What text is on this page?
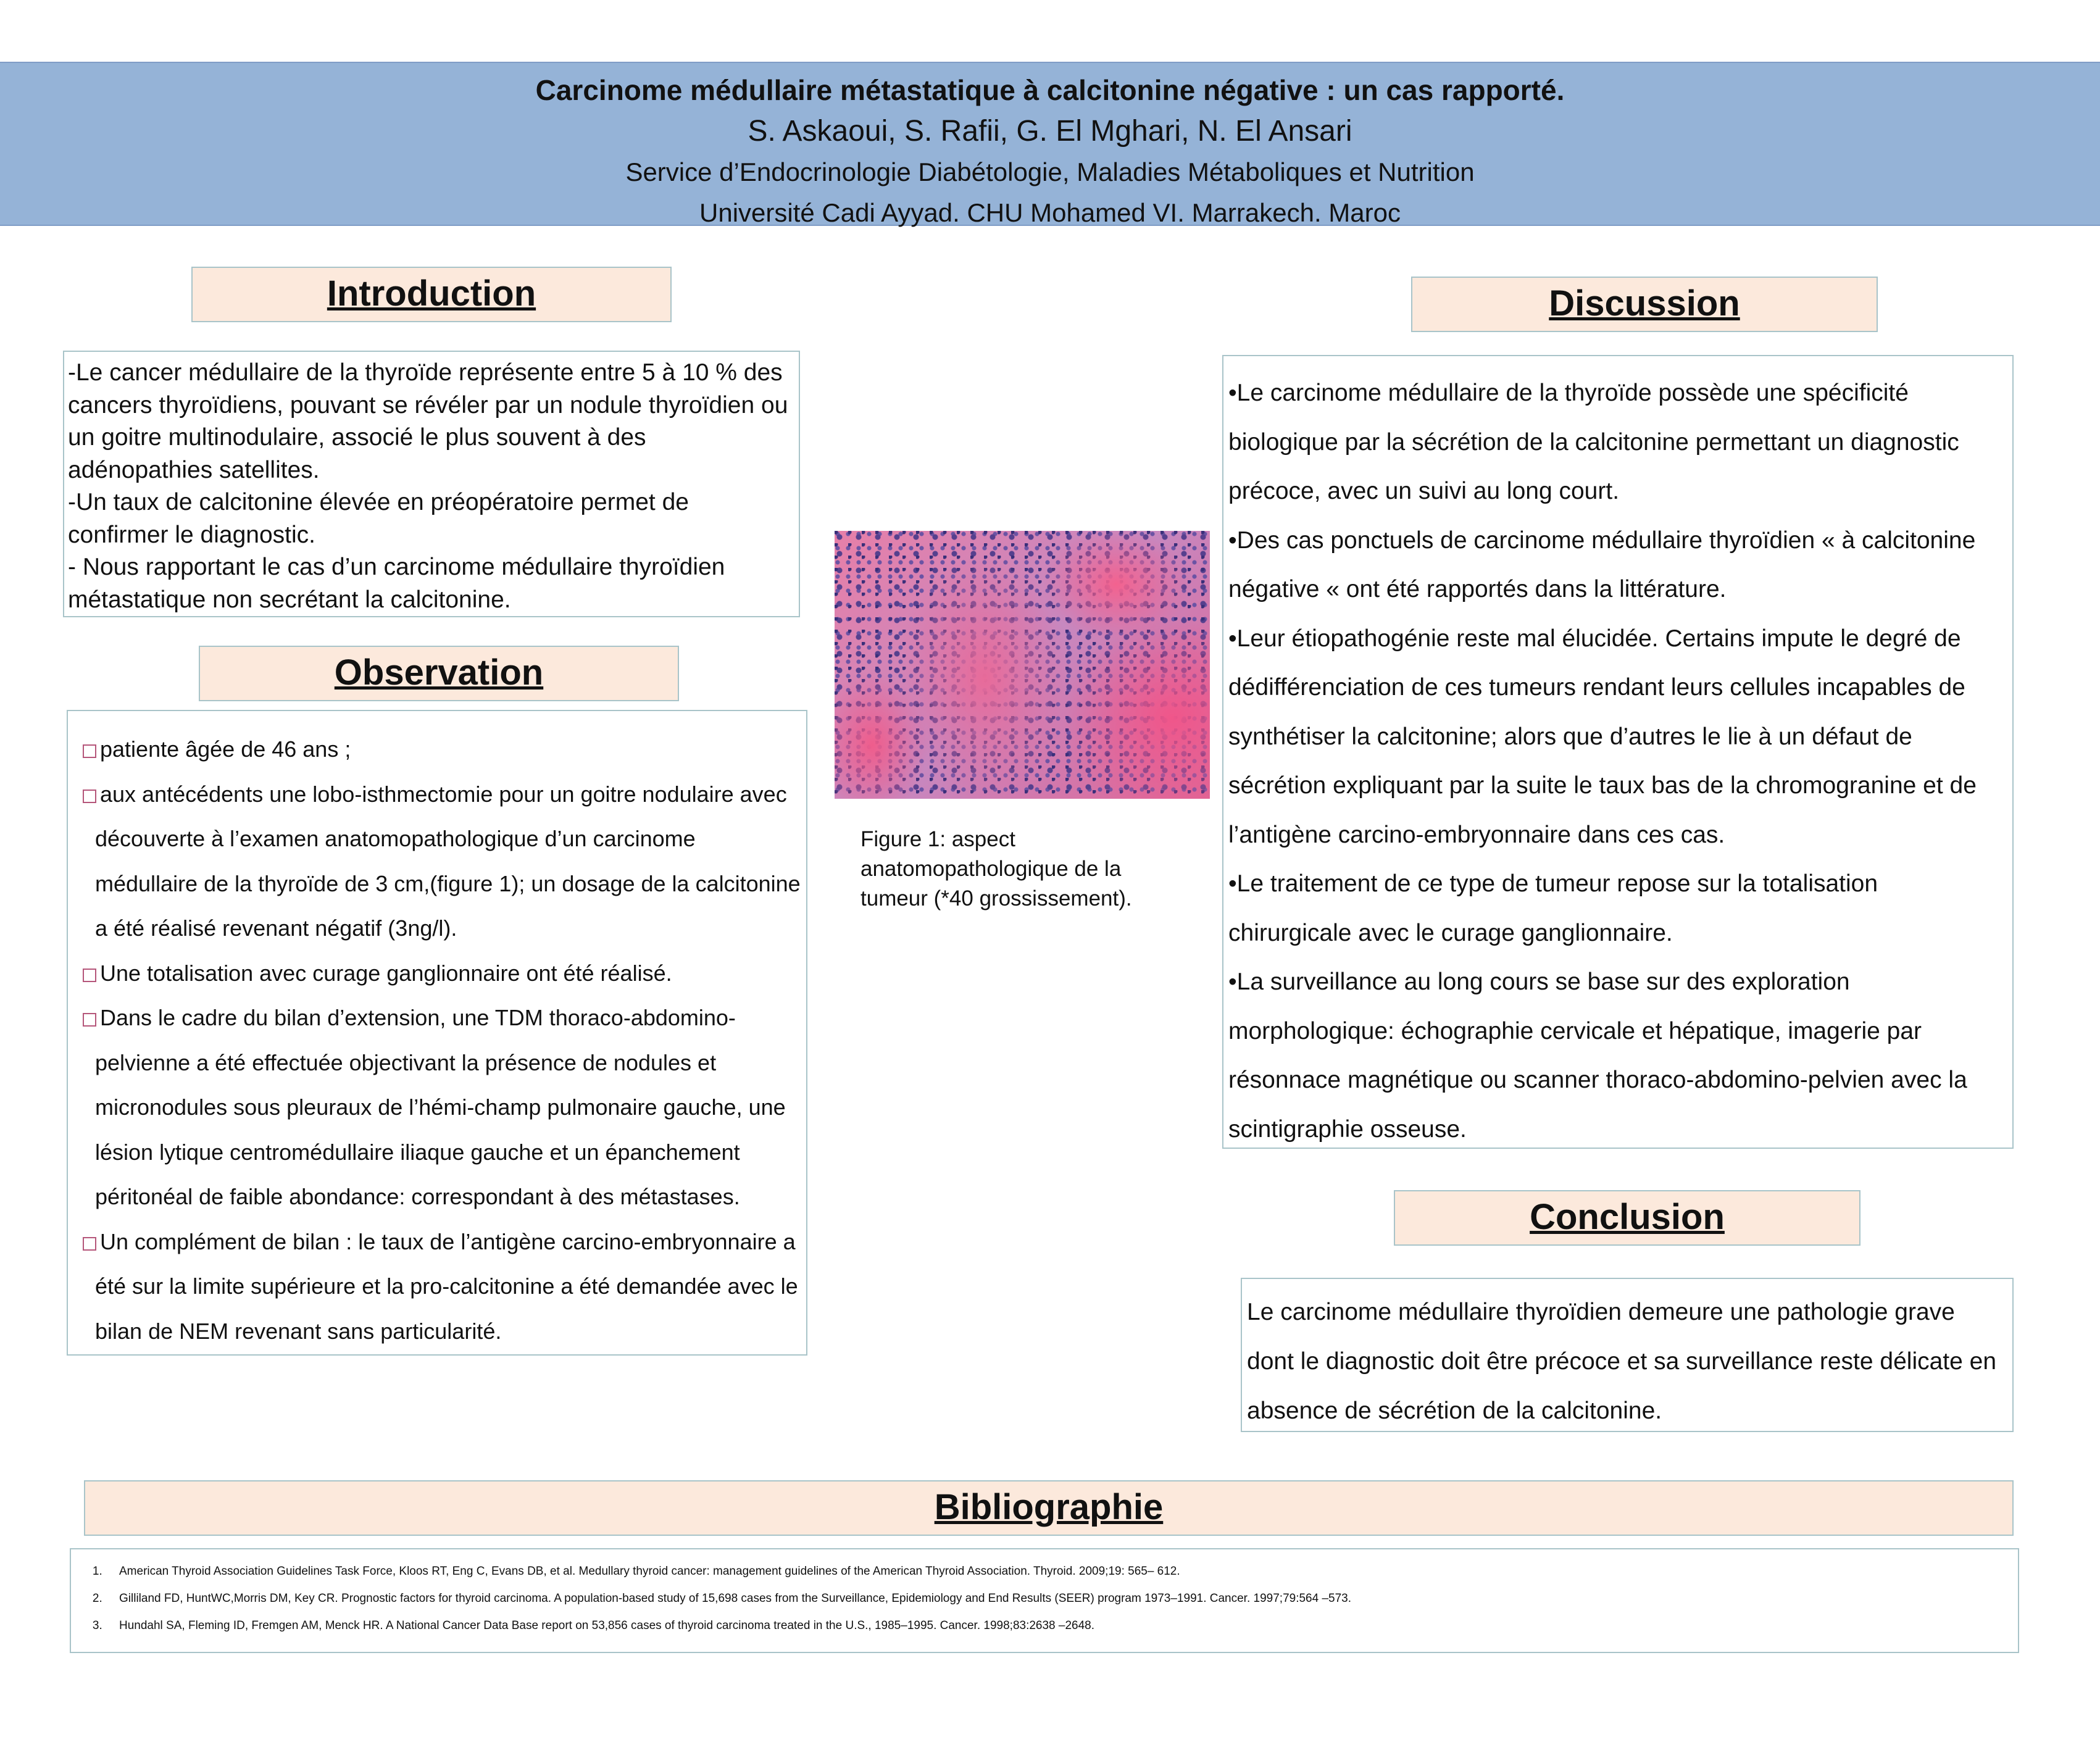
Carcinome médullaire métastatique à calcitonine négative : un cas rapporté.
S. Askaoui, S. Rafii, G. El Mghari, N. El Ansari
Service d’Endocrinologie Diabétologie, Maladies Métaboliques et Nutrition
Université Cadi Ayyad. CHU Mohamed VI. Marrakech. Maroc
Introduction

-Le cancer médullaire de la thyroïde représente entre 5 à 10 % des cancers thyroïdiens, pouvant se révéler par un nodule thyroïdien ou un goitre multinodulaire, associé le plus souvent à des adénopathies satellites.

-Un taux de calcitonine élevée en préopératoire permet de confirmer le diagnostic.

- Nous rapportant le cas d’un carcinome médullaire thyroïdien métastatique non secrétant la calcitonine.

Observation
patiente âgée de 46 ans ;
aux antécédents une lobo-isthmectomie pour un goitre nodulaire avec découverte à l’examen anatomopathologique d’un carcinome médullaire de la thyroïde de 3 cm,(figure 1); un dosage de la calcitonine a été réalisé revenant négatif (3ng/l).
Une totalisation avec curage ganglionnaire ont été réalisé.
Dans le cadre du bilan d’extension, une TDM thoraco-abdomino-pelvienne a été effectuée objectivant la présence de nodules et micronodules sous pleuraux de l’hémi-champ pulmonaire gauche, une lésion lytique centromédullaire iliaque gauche et un épanchement péritonéal de faible abondance: correspondant à des métastases.
Un complément de bilan : le taux de l’antigène carcino-embryonnaire a été sur la limite supérieure et la pro-calcitonine a été demandée avec le bilan de NEM revenant sans particularité.
Figure 1: aspect anatomopathologique de la tumeur (*40 grossissement).
Discussion

•Le carcinome médullaire de la thyroïde possède une spécificité biologique par la sécrétion de la calcitonine permettant un diagnostic précoce, avec un suivi au long court.

•Des cas ponctuels de carcinome médullaire thyroïdien « à calcitonine négative « ont été rapportés dans la littérature.

•Leur étiopathogénie reste mal élucidée. Certains impute le degré de dédifférenciation de ces tumeurs rendant leurs cellules incapables de synthétiser la calcitonine; alors que d’autres le lie à un défaut de sécrétion expliquant par la suite le taux bas de la chromogranine et de l’antigène carcino-embryonnaire dans ces cas.

•Le traitement de ce type de tumeur repose sur la totalisation chirurgicale avec le curage ganglionnaire.

•La surveillance au long cours se base sur des exploration morphologique: échographie cervicale et hépatique, imagerie par résonnace magnétique ou scanner thoraco-abdomino-pelvien avec la scintigraphie osseuse.

Conclusion
Le carcinome médullaire thyroïdien demeure une pathologie grave dont le diagnostic doit être précoce et sa surveillance reste délicate en absence de sécrétion de la calcitonine.
Bibliographie
1. American Thyroid Association Guidelines Task Force, Kloos RT, Eng C, Evans DB, et al. Medullary thyroid cancer: management guidelines of the American Thyroid Association. Thyroid. 2009;19: 565– 612.
2. Gilliland FD, HuntWC,Morris DM, Key CR. Prognostic factors for thyroid carcinoma. A population-based study of 15,698 cases from the Surveillance, Epidemiology and End Results (SEER) program 1973–1991. Cancer. 1997;79:564 –573.
3. Hundahl SA, Fleming ID, Fremgen AM, Menck HR. A National Cancer Data Base report on 53,856 cases of thyroid carcinoma treated in the U.S., 1985–1995. Cancer. 1998;83:2638 –2648.
